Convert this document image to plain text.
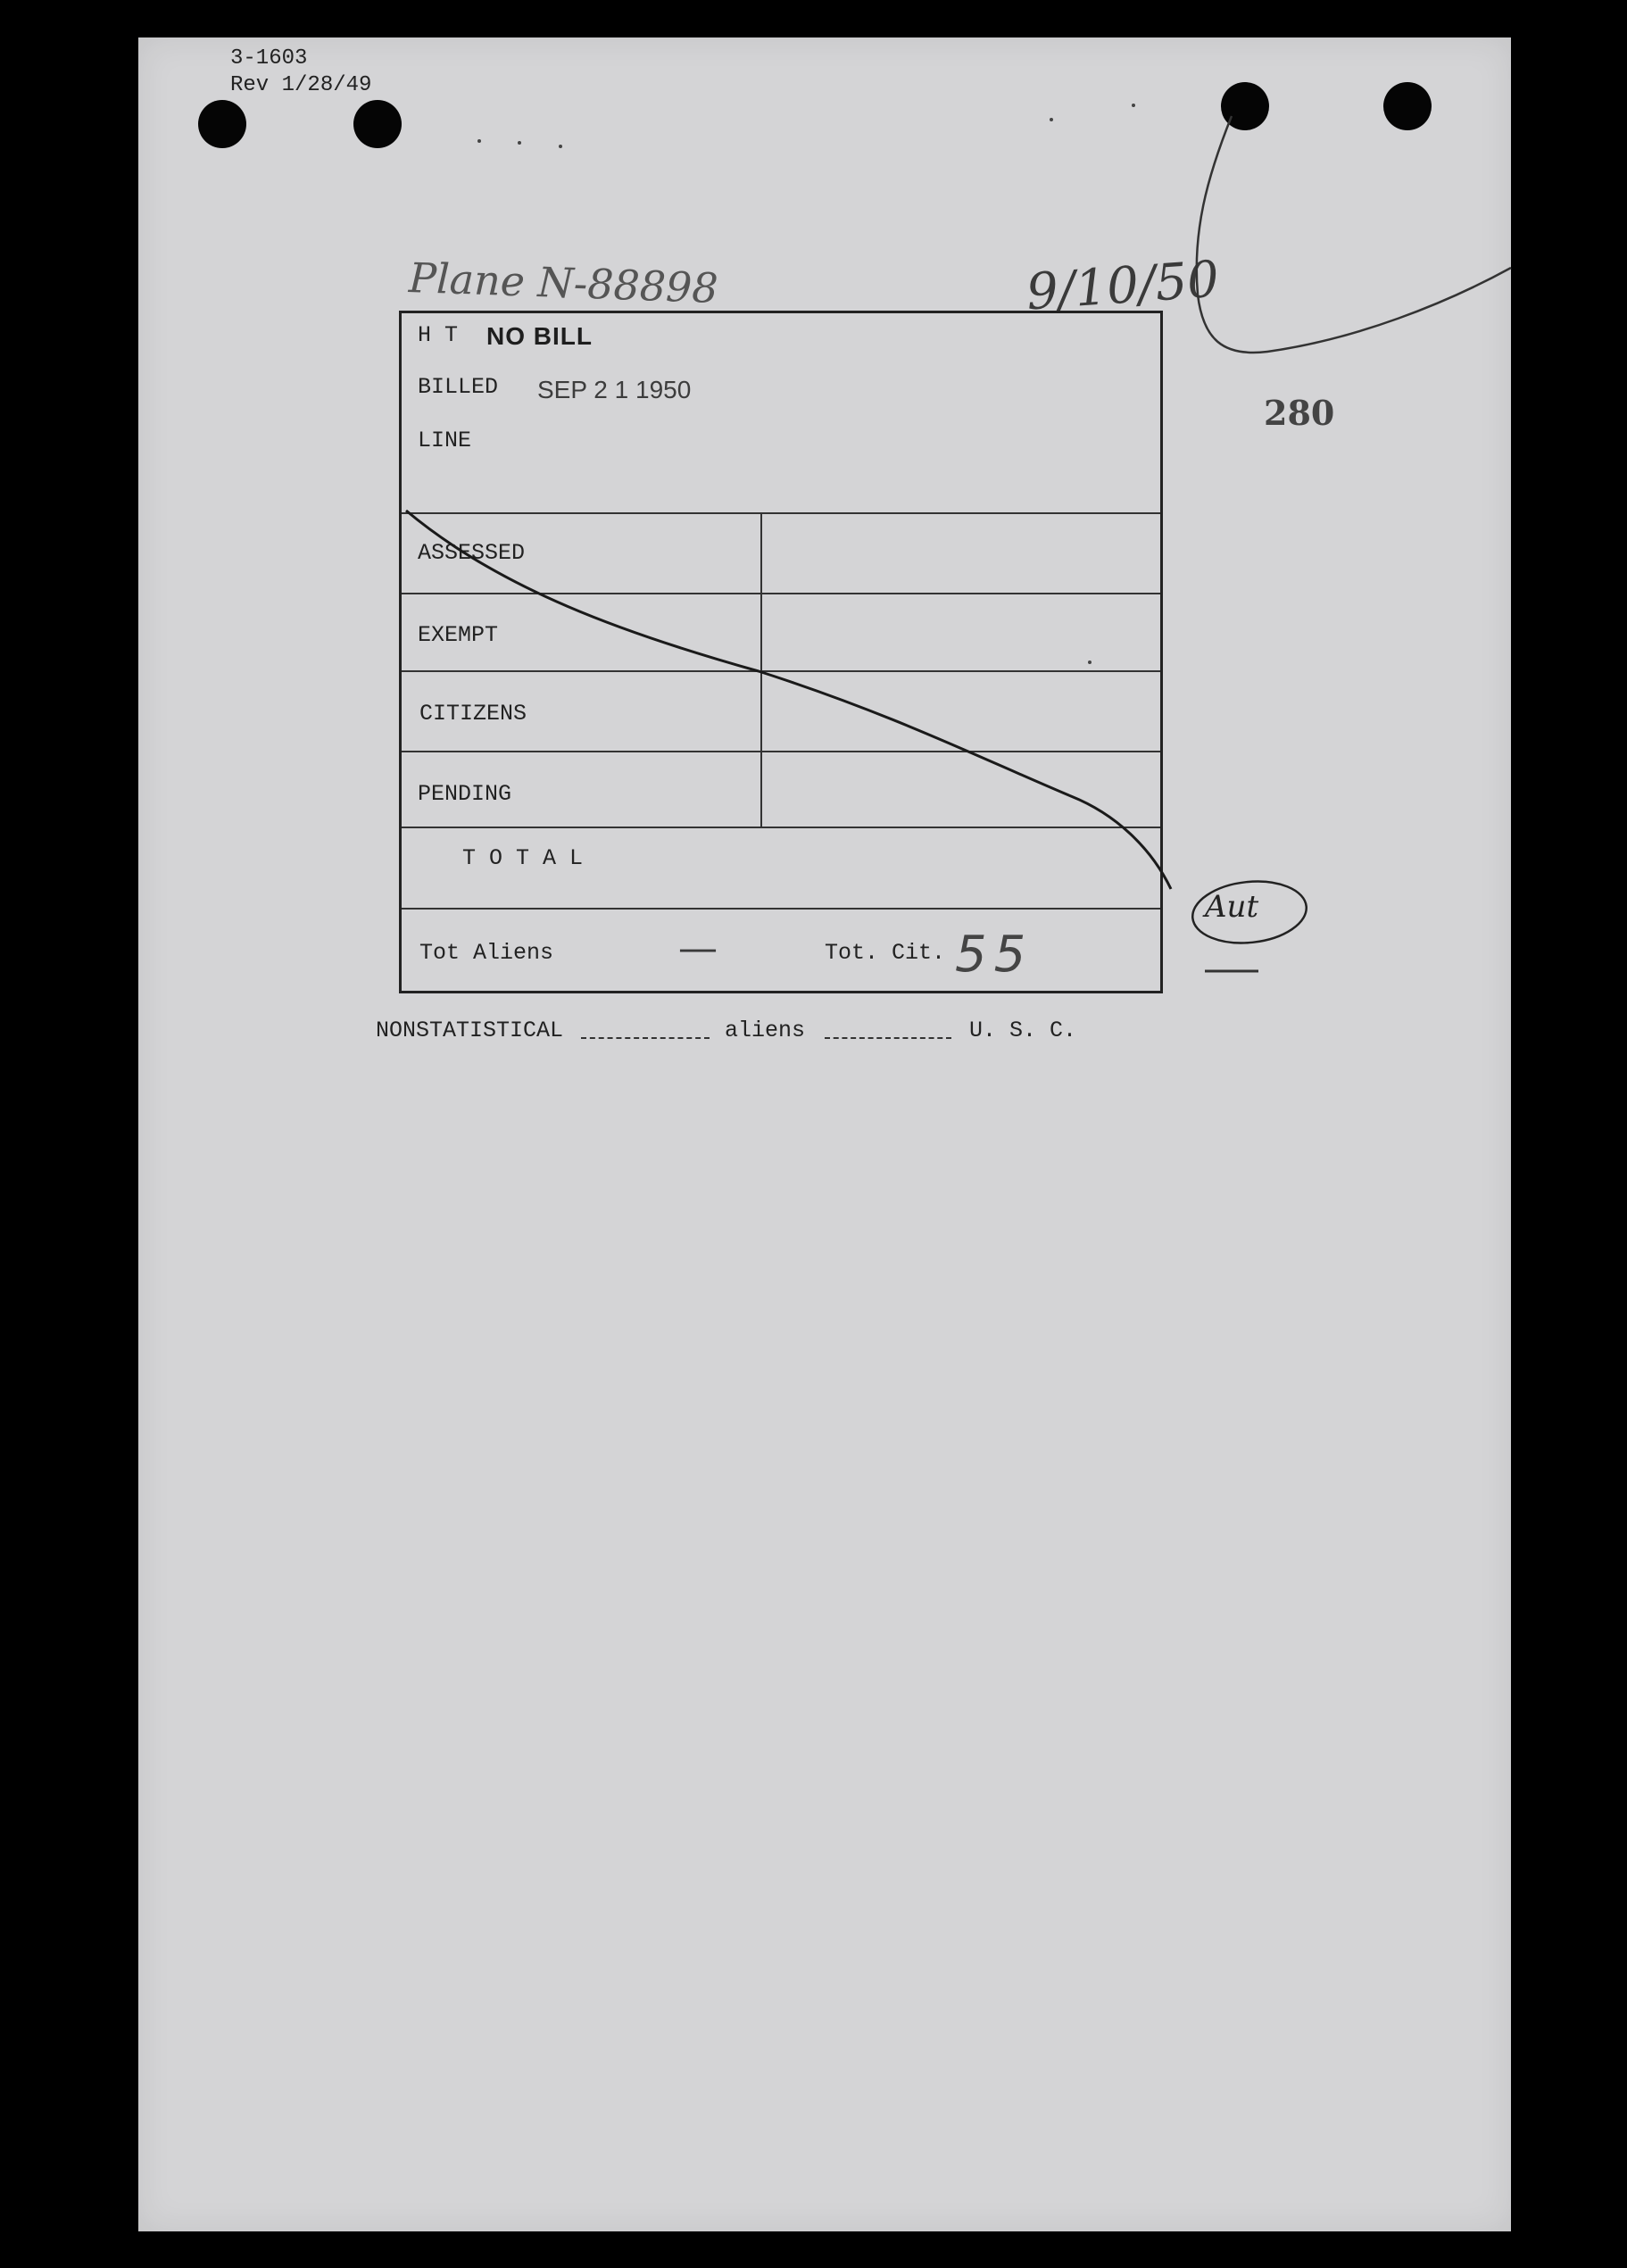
3-1603
Rev 1/28/49
Plane N-88898	9/10/50
280
H T NO BILL
BILLED SEP 2 1 1950
LINE
ASSESSED
EXEMPT
CITIZENS
PENDING
T O T A L
Tot Aliens	—	Tot. Cit. 55
NONSTATISTICAL	aliens	U. S. C.
Aut
